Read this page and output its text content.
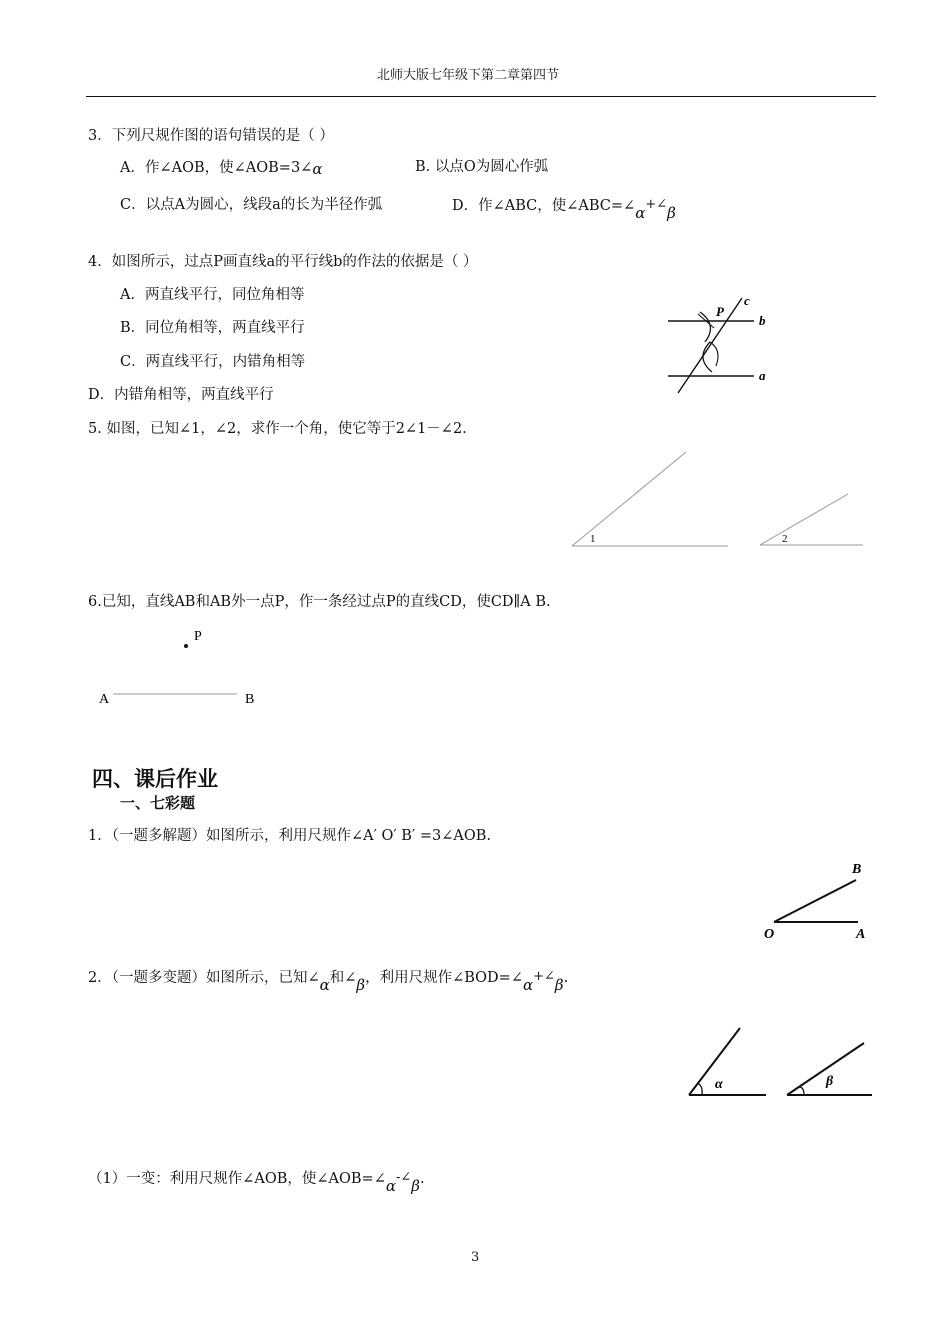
北师大版七年级下第二章第四节
3．下列尺规作图的语句错误的是（ ）
A．作∠AOB，使∠AOB=3∠α	B. 以点O为圆心作弧
C．以点A为圆心，线段a的长为半径作弧	D．作∠ABC，使∠ABC=∠α+∠β
4．如图所示，过点P画直线a的平行线b的作法的依据是（ ）
A．两直线平行，同位角相等
B．同位角相等，两直线平行
C．两直线平行，内错角相等
D．内错角相等，两直线平行
P
c
b
a
5. 如图，已知∠1，∠2，求作一个角，使它等于2∠1－∠2.
1	2
6.已知，直线AB和AB外一点P，作一条经过点P的直线CD，使CD∥A B.
P
A	B
四、课后作业
一、七彩题
1．（一题多解题）如图所示，利用尺规作∠A′ O′ B′ =3∠AOB.
B
O	A
2．（一题多变题）如图所示，已知∠α和∠β，利用尺规作∠BOD=∠α+∠β.
α	β
（1）一变：利用尺规作∠AOB，使∠AOB=∠α-∠β.
3
